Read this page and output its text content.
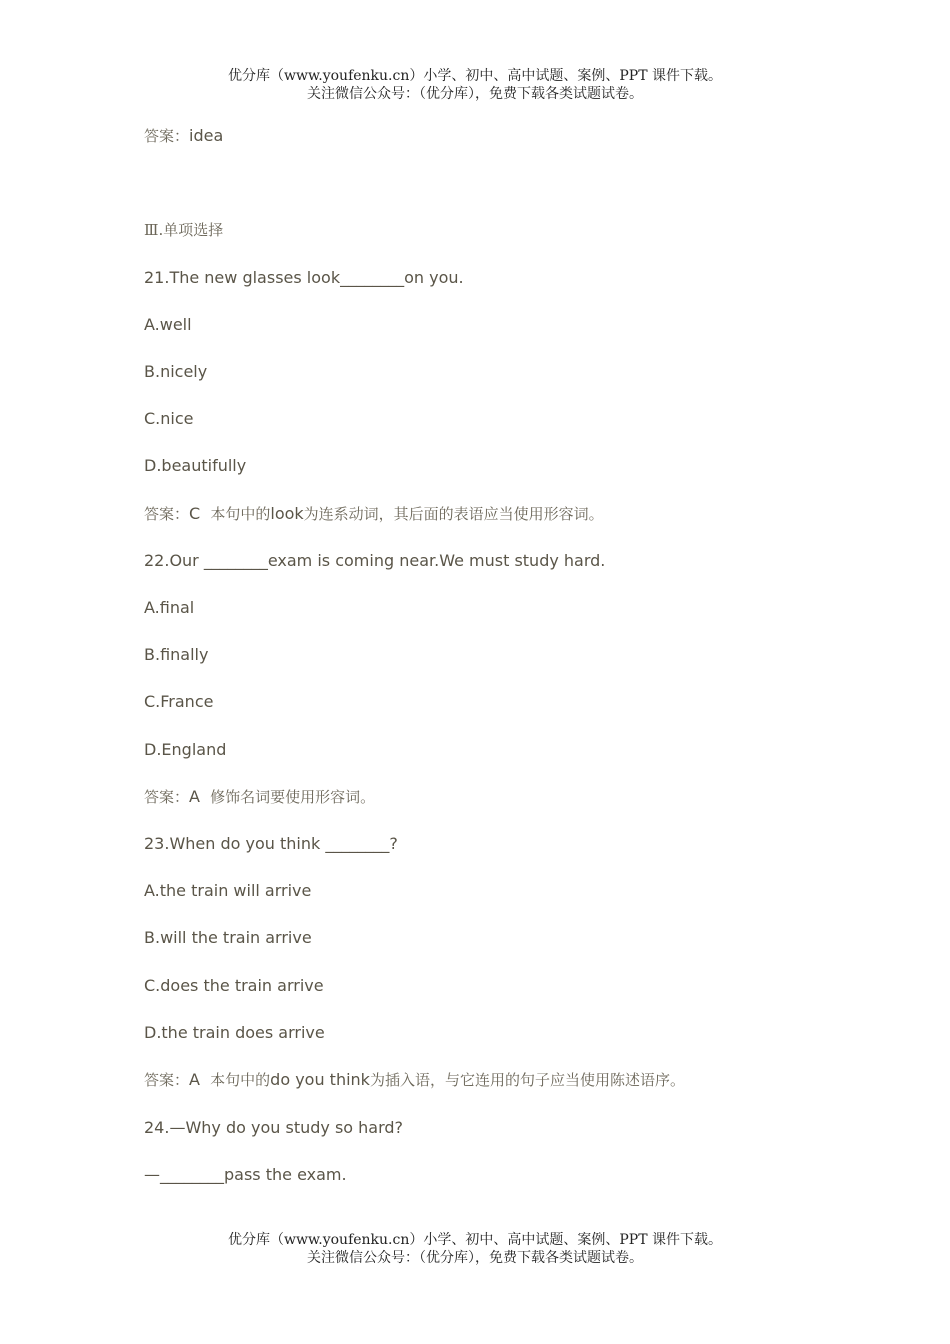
优分库（www.youfenku.cn）小学、初中、高中试题、案例、PPT 课件下载。
关注微信公众号：（优分库），免费下载各类试题试卷。
答案：idea
Ⅲ.单项选择
21.The new glasses look________on you.
A.well
B.nicely
C.nice
D.beautifully
答案：C 本句中的look为连系动词，其后面的表语应当使用形容词。
22.Our ________exam is coming near.We must study hard.
A.final
B.finally
C.France
D.England
答案：A 修饰名词要使用形容词。
23.When do you think ________?
A.the train will arrive
B.will the train arrive
C.does the train arrive
D.the train does arrive
答案：A 本句中的do you think为插入语，与它连用的句子应当使用陈述语序。
24.—Why do you study so hard?
—________pass the exam.
优分库（www.youfenku.cn）小学、初中、高中试题、案例、PPT 课件下载。
关注微信公众号：（优分库），免费下载各类试题试卷。
